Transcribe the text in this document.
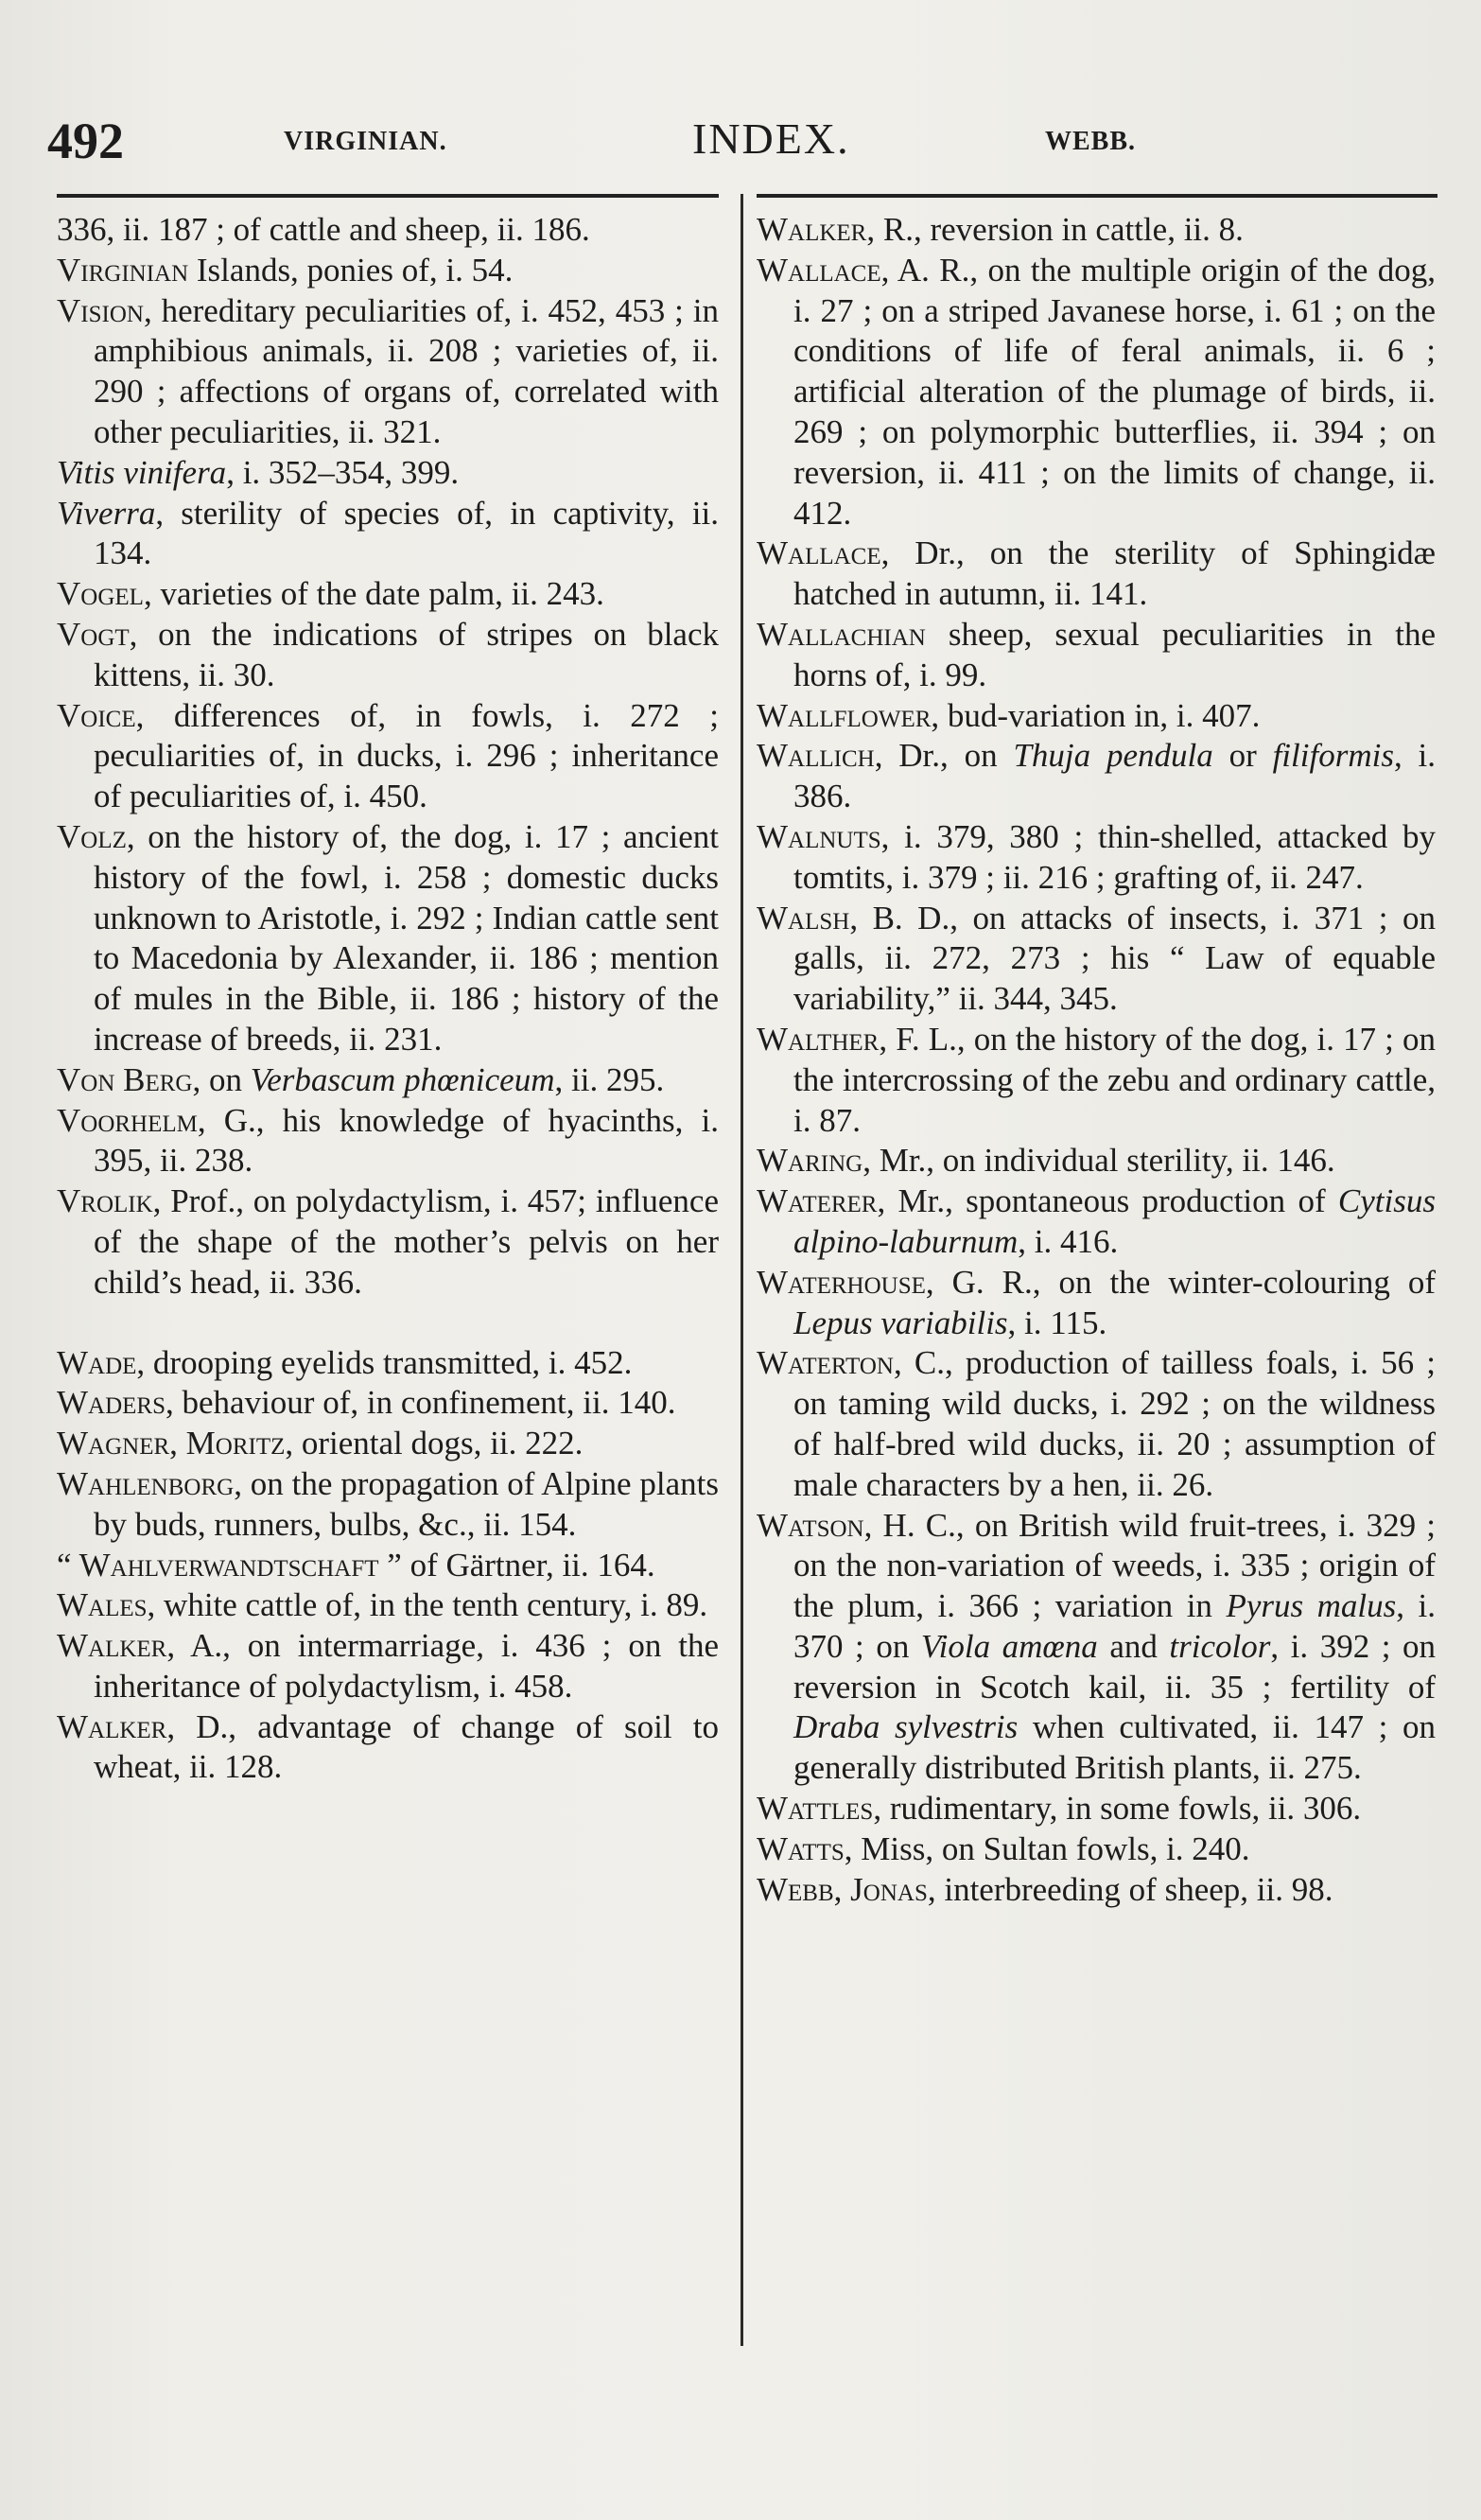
492	VIRGINIAN.	INDEX.	WEBB.
336, ii. 187 ; of cattle and sheep, ii. 186.
Virginian Islands, ponies of, i. 54.
Vision, hereditary peculiarities of, i. 452, 453 ; in amphibious animals, ii. 208 ; varieties of, ii. 290 ; affections of organs of, correlated with other peculiarities, ii. 321.
Vitis vinifera, i. 352–354, 399.
Viverra, sterility of species of, in captivity, ii. 134.
Vogel, varieties of the date palm, ii. 243.
Vogt, on the indications of stripes on black kittens, ii. 30.
Voice, differences of, in fowls, i. 272 ; peculiarities of, in ducks, i. 296 ; inheritance of peculiarities of, i. 450.
Volz, on the history of, the dog, i. 17 ; ancient history of the fowl, i. 258 ; domestic ducks unknown to Aristotle, i. 292 ; Indian cattle sent to Macedonia by Alexander, ii. 186 ; mention of mules in the Bible, ii. 186 ; history of the increase of breeds, ii. 231.
Von Berg, on Verbascum phœniceum, ii. 295.
Voorhelm, G., his knowledge of hyacinths, i. 395, ii. 238.
Vrolik, Prof., on polydactylism, i. 457; influence of the shape of the mother’s pelvis on her child’s head, ii. 336.
Wade, drooping eyelids transmitted, i. 452.
Waders, behaviour of, in confinement, ii. 140.
Wagner, Moritz, oriental dogs, ii. 222.
Wahlenborg, on the propagation of Alpine plants by buds, runners, bulbs, &c., ii. 154.
“ Wahlverwandtschaft ” of Gärtner, ii. 164.
Wales, white cattle of, in the tenth century, i. 89.
Walker, A., on intermarriage, i. 436 ; on the inheritance of polydactylism, i. 458.
Walker, D., advantage of change of soil to wheat, ii. 128.
Walker, R., reversion in cattle, ii. 8.
Wallace, A. R., on the multiple origin of the dog, i. 27 ; on a striped Javanese horse, i. 61 ; on the conditions of life of feral animals, ii. 6 ; artificial alteration of the plumage of birds, ii. 269 ; on polymorphic butterflies, ii. 394 ; on reversion, ii. 411 ; on the limits of change, ii. 412.
Wallace, Dr., on the sterility of Sphingidæ hatched in autumn, ii. 141.
Wallachian sheep, sexual peculiarities in the horns of, i. 99.
Wallflower, bud-variation in, i. 407.
Wallich, Dr., on Thuja pendula or filiformis, i. 386.
Walnuts, i. 379, 380 ; thin-shelled, attacked by tomtits, i. 379 ; ii. 216 ; grafting of, ii. 247.
Walsh, B. D., on attacks of insects, i. 371 ; on galls, ii. 272, 273 ; his “ Law of equable variability,” ii. 344, 345.
Walther, F. L., on the history of the dog, i. 17 ; on the intercrossing of the zebu and ordinary cattle, i. 87.
Waring, Mr., on individual sterility, ii. 146.
Waterer, Mr., spontaneous production of Cytisus alpino-laburnum, i. 416.
Waterhouse, G. R., on the winter-colouring of Lepus variabilis, i. 115.
Waterton, C., production of tailless foals, i. 56 ; on taming wild ducks, i. 292 ; on the wildness of half-bred wild ducks, ii. 20 ; assumption of male characters by a hen, ii. 26.
Watson, H. C., on British wild fruit-trees, i. 329 ; on the non-variation of weeds, i. 335 ; origin of the plum, i. 366 ; variation in Pyrus malus, i. 370 ; on Viola amœna and tricolor, i. 392 ; on reversion in Scotch kail, ii. 35 ; fertility of Draba sylvestris when cultivated, ii. 147 ; on generally distributed British plants, ii. 275.
Wattles, rudimentary, in some fowls, ii. 306.
Watts, Miss, on Sultan fowls, i. 240.
Webb, Jonas, interbreeding of sheep, ii. 98.
